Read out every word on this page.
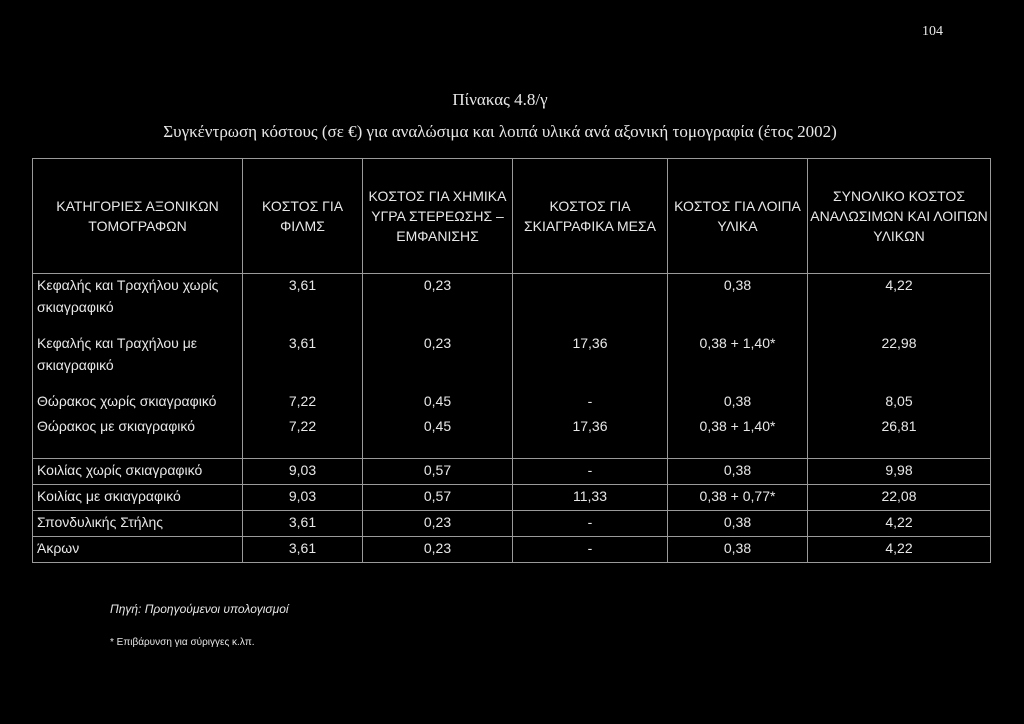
104
Πίνακας 4.8/γ
Συγκέντρωση κόστους (σε €) για αναλώσιμα και λοιπά υλικά ανά αξονική τομογραφία (έτος 2002)
ΚΑΤΗΓΟΡΙΕΣ ΑΞΟΝΙΚΩΝ ΤΟΜΟΓΡΑΦΩΝ	ΚΟΣΤΟΣ ΓΙΑ ΦΙΛΜΣ	ΚΟΣΤΟΣ ΓΙΑ ΧΗΜΙΚΑ ΥΓΡΑ ΣΤΕΡΕΩΣΗΣ – ΕΜΦΑΝΙΣΗΣ	ΚΟΣΤΟΣ ΓΙΑ ΣΚΙΑΓΡΑΦΙΚΑ ΜΕΣΑ	ΚΟΣΤΟΣ ΓΙΑ ΛΟΙΠΑ ΥΛΙΚΑ	ΣΥΝΟΛΙΚΟ ΚΟΣΤΟΣ ΑΝΑΛΩΣΙΜΩΝ ΚΑΙ ΛΟΙΠΩΝ ΥΛΙΚΩΝ
Κεφαλής και Τραχήλου χωρίς σκιαγραφικό	3,61	0,23		0,38	4,22
Κεφαλής και Τραχήλου με σκιαγραφικό	3,61	0,23	17,36	0,38 + 1,40*	22,98
Θώρακος χωρίς σκιαγραφικό	7,22	0,45	-	0,38	8,05
Θώρακος με σκιαγραφικό	7,22	0,45	17,36	0,38 + 1,40*	26,81

Κοιλίας χωρίς σκιαγραφικό	9,03	0,57	-	0,38	9,98
Κοιλίας με σκιαγραφικό	9,03	0,57	11,33	0,38 + 0,77*	22,08
Σπονδυλικής Στήλης	3,61	0,23	-	0,38	4,22
Άκρων	3,61	0,23	-	0,38	4,22
Πηγή: Προηγούμενοι υπολογισμοί
* Επιβάρυνση για σύριγγες κ.λπ.
